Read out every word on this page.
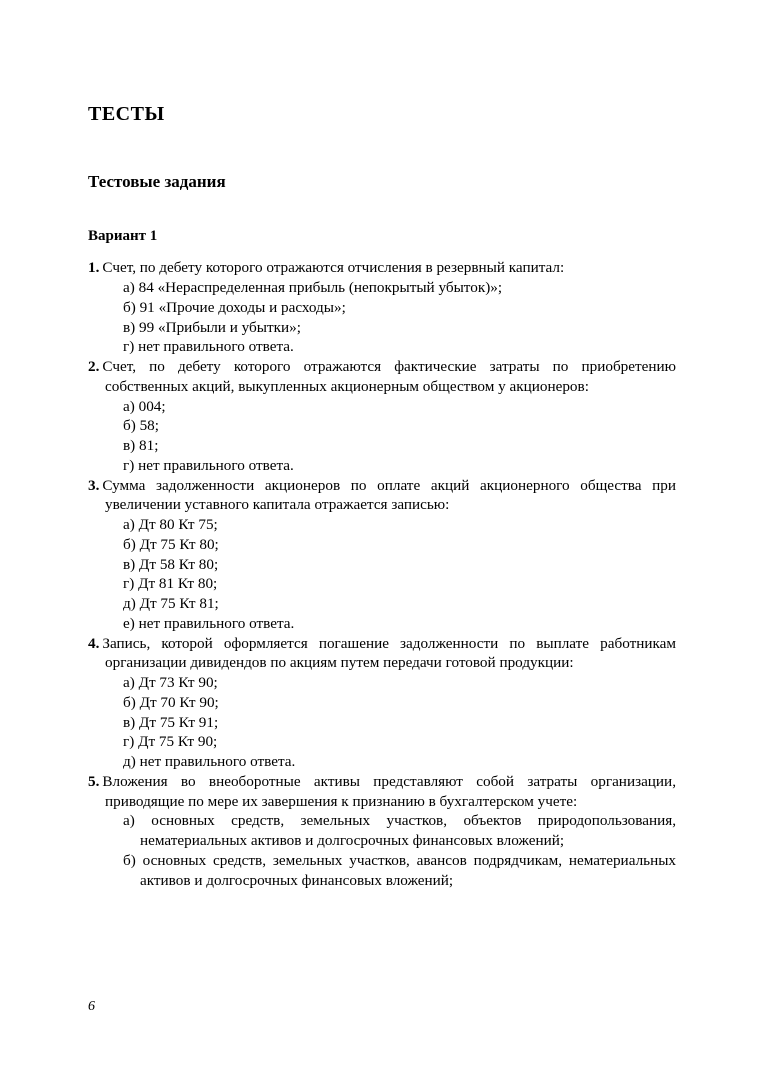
ТЕСТЫ
Тестовые задания
Вариант 1

1. Счет, по дебету которого отражаются отчисления в резервный капитал:

а) 84 «Нераспределенная прибыль (непокрытый убыток)»;

б) 91 «Прочие доходы и расходы»;

в) 99 «Прибыли и убытки»;

г) нет правильного ответа.

2. Счет, по дебету которого отражаются фактические затраты по приобретению собственных акций, выкупленных акционерным обществом у акционеров:

а) 004;

б) 58;

в) 81;

г) нет правильного ответа.

3. Сумма задолженности акционеров по оплате акций акционерного общества при увеличении уставного капитала отражается записью:

а) Дт 80 Кт 75;

б) Дт 75 Кт 80;

в) Дт 58 Кт 80;

г) Дт 81 Кт 80;

д) Дт 75 Кт 81;

е) нет правильного ответа.

4. Запись, которой оформляется погашение задолженности по выплате работникам организации дивидендов по акциям путем передачи готовой продукции:

а) Дт 73 Кт 90;

б) Дт 70 Кт 90;

в) Дт 75 Кт 91;

г) Дт 75 Кт 90;

д) нет правильного ответа.

5. Вложения во внеоборотные активы представляют собой затраты организации, приводящие по мере их завершения к признанию в бухгалтерском учете:

а) основных средств, земельных участков, объектов природопользования, нематериальных активов и долгосрочных финансовых вложений;

б) основных средств, земельных участков, авансов подрядчикам, нематериальных активов и долгосрочных финансовых вложений;

6
